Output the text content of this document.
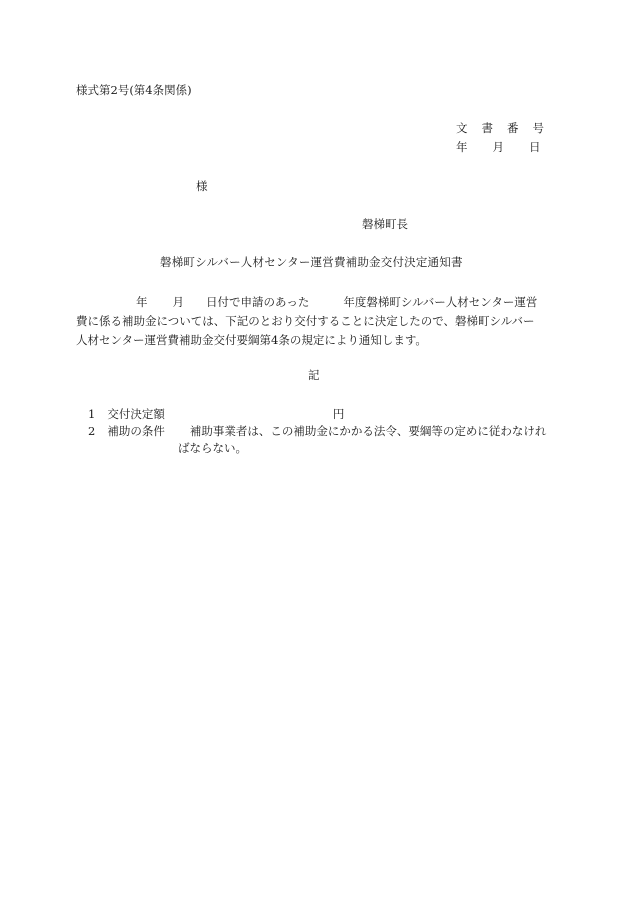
様式第2号(第4条関係)
文 書 番 号
年 月 日
様
磐梯町長
磐梯町シルバー人材センター運営費補助金交付決定通知書
年 月 日付で申請のあった	年度磐梯町シルバー人材センター運営
費に係る補助金については、下記のとおり交付することに決定したので、磐梯町シルバー
人材センター運営費補助金交付要綱第4条の規定により通知します。
記
1 交付決定額	円
2 補助の条件 補助事業者は、この補助金にかかる法令、要綱等の定めに従わなけれ
ばならない。
